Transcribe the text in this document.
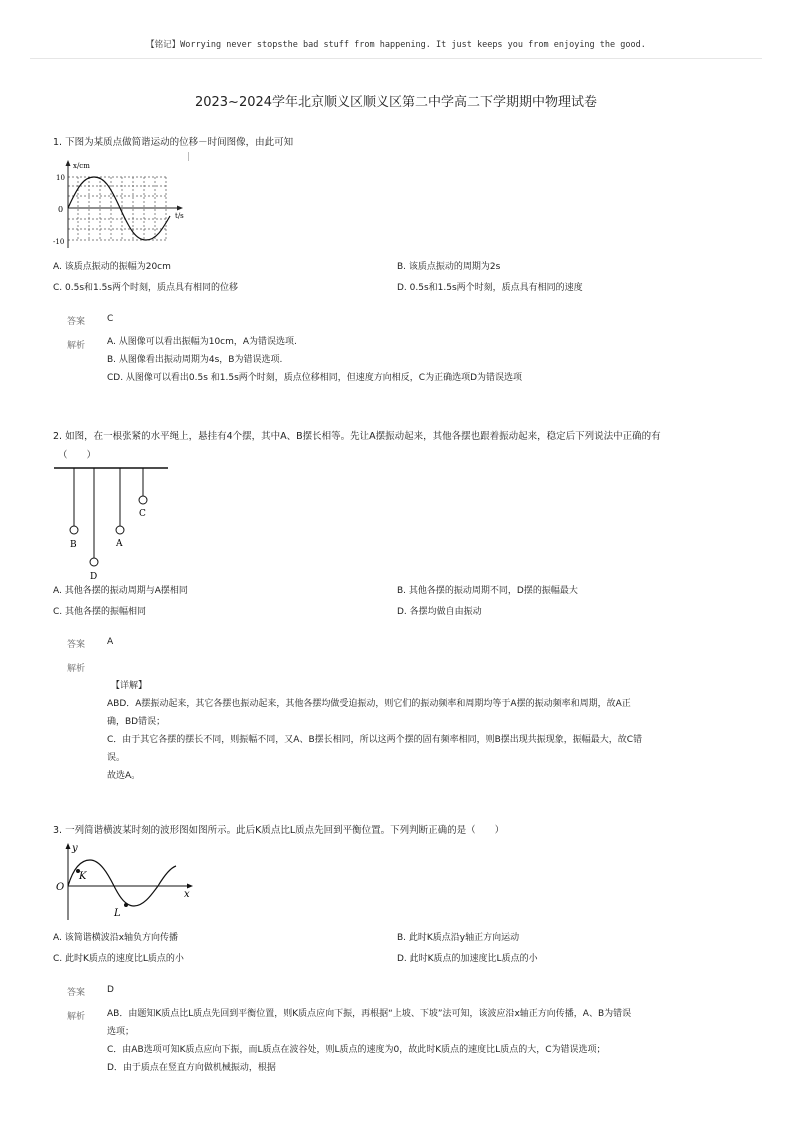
【铭记】Worrying never stopsthe bad stuff from happening. It just keeps you from enjoying the good.
2023~2024学年北京顺义区顺义区第二中学高二下学期期中物理试卷
1. 下图为某质点做简谐运动的位移－时间图像，由此可知
x/cm
t/s
0
10
-10
A. 该质点振动的振幅为20cm	B. 该质点振动的周期为2s
C. 0.5s和1.5s两个时刻，质点具有相同的位移	D. 0.5s和1.5s两个时刻，质点具有相同的速度
答案 C
解析 A. 从图像可以看出振幅为10cm，A为错误选项.
B. 从图像看出振动周期为4s，B为错误选项.
CD. 从图像可以看出0.5s 和1.5s两个时刻，质点位移相同，但速度方向相反，C为正确选项D为错误选项
2. 如图，在一根张紧的水平绳上，悬挂有4个摆，其中A、B摆长相等。先让A摆振动起来，其他各摆也跟着振动起来，稳定后下列说法中正确的有
（　　）
B
D
A
C
A. 其他各摆的振动周期与A摆相同	B. 其他各摆的振动周期不同，D摆的振幅最大
C. 其他各摆的振幅相同	D. 各摆均做自由振动
答案 A
解析
【详解】
ABD．A摆振动起来，其它各摆也振动起来，其他各摆均做受迫振动，则它们的振动频率和周期均等于A摆的振动频率和周期，故A正
确，BD错误；
C．由于其它各摆的摆长不同，则振幅不同，又A、B摆长相同，所以这两个摆的固有频率相同，则B摆出现共振现象，振幅最大，故C错
误。
故选A。
3. 一列简谐横波某时刻的波形图如图所示。此后K质点比L质点先回到平衡位置。下列判断正确的是（　　）
y
x
O
K
L
A. 该简谐横波沿x轴负方向传播	B. 此时K质点沿y轴正方向运动
C. 此时K质点的速度比L质点的小	D. 此时K质点的加速度比L质点的小
答案 D
解析 AB．由题知K质点比L质点先回到平衡位置，则K质点应向下振，再根据“上坡、下坡”法可知，该波应沿x轴正方向传播，A、B为错误
选项；
C．由AB选项可知K质点应向下振，而L质点在波谷处，则L质点的速度为0，故此时K质点的速度比L质点的大，C为错误选项；
D．由于质点在竖直方向做机械振动，根据
